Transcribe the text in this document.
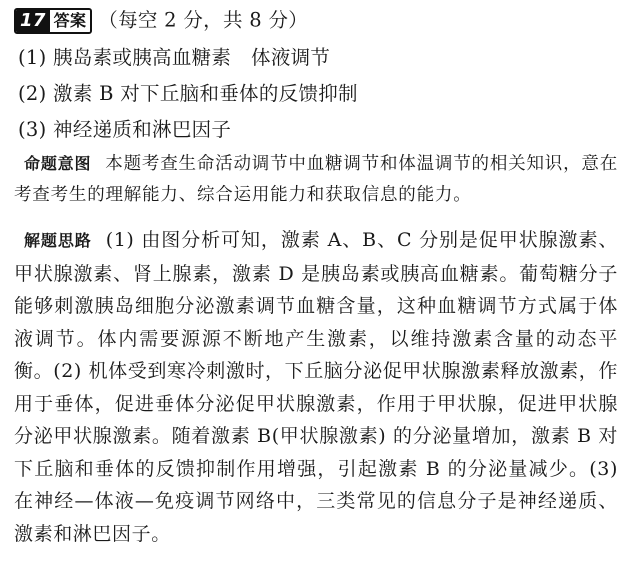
17 答案 （每空 2 分，共 8 分）
(1) 胰岛素或胰高血糖素　体液调节
(2) 激素 B 对下丘脑和垂体的反馈抑制
(3) 神经递质和淋巴因子
命题意图 本题考查生命活动调节中血糖调节和体温调节的相关知识，意在考查考生的理解能力、综合运用能力和获取信息的能力。
解题思路 (1) 由图分析可知，激素 A、B、C 分别是促甲状腺激素、甲状腺激素、肾上腺素，激素 D 是胰岛素或胰高血糖素。葡萄糖分子能够刺激胰岛细胞分泌激素调节血糖含量，这种血糖调节方式属于体液调节。体内需要源源不断地产生激素，以维持激素含量的动态平衡。(2) 机体受到寒冷刺激时，下丘脑分泌促甲状腺激素释放激素，作用于垂体，促进垂体分泌促甲状腺激素，作用于甲状腺，促进甲状腺分泌甲状腺激素。随着激素 B(甲状腺激素) 的分泌量增加，激素 B 对下丘脑和垂体的反馈抑制作用增强，引起激素 B 的分泌量减少。(3) 在神经—体液—免疫调节网络中，三类常见的信息分子是神经递质、激素和淋巴因子。
